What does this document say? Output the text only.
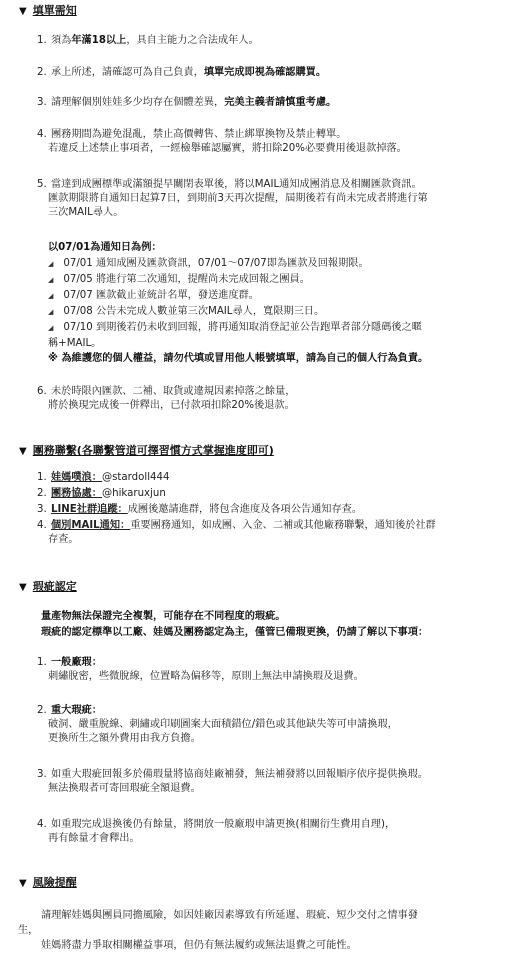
▼ 填單需知
1. 須為年滿18以上，具自主能力之合法成年人。
2. 承上所述，請確認可為自己負責，填單完成即視為確認購買。
3. 請理解個別娃娃多少均存在個體差異，完美主義者請慎重考慮。
4. 團務期間為避免混亂，禁止高價轉售、禁止綁單換物及禁止轉單。
若違反上述禁止事項者，一經檢舉確認屬實，將扣除20%必要費用後退款掉落。
5. 當達到成團標準或滿額提早關閉表單後，將以MAIL通知成團消息及相關匯款資訊。
匯款期限將自通知日起算7日，到期前3天再次提醒，屆期後若有尚未完成者將進行第
三次MAIL尋人。
以07/01為通知日為例：
◢ 07/01 通知成團及匯款資訊，07/01～07/07即為匯款及回報期限。
◢ 07/05 將進行第二次通知，提醒尚未完成回報之團員。
◢ 07/07 匯款截止並統計名單，發送進度群。
◢ 07/08 公告未完成人數並第三次MAIL尋人，寬限期三日。
◢ 07/10 到期後若仍未收到回報，將再通知取消登記並公告跑單者部分隱碼後之暱
稱+MAIL。
※ 為維護您的個人權益，請勿代填或冒用他人帳號填單，請為自己的個人行為負責。
6. 未於時限內匯款、二補、取貨或違規因素掉落之餘量，
將於換現完成後一併釋出，已付款項扣除20%後退款。
▼ 團務聯繫(各聯繫管道可擇習慣方式掌握進度即可)
1. 娃媽噗浪：@stardoll444
2. 團務協處：@hikaruxjun
3. LINE社群追蹤：成團後邀請進群，將包含進度及各項公告通知存查。
4. 個別MAIL通知：重要團務通知，如成團、入金、二補或其他廠務聯繫，通知後於社群
存查。
▼ 瑕疵認定
量產物無法保證完全複製，可能存在不同程度的瑕疵。
瑕疵的認定標準以工廠、娃媽及團務認定為主，僅管已備瑕更換，仍請了解以下事項：
1. 一般廠瑕：
刺繡脫密，些微脫線，位置略為偏移等，原則上無法申請換瑕及退費。
2. 重大瑕疵：
破洞、嚴重脫線、刺繡或印刷圖案大面積錯位/錯色或其他缺失等可申請換瑕，
更換所生之額外費用由我方負擔。
3. 如重大瑕疵回報多於備瑕量將協商娃廠補發，無法補發將以回報順序依序提供換瑕。
無法換瑕者可寄回瑕疵全額退費。
4. 如重瑕完成退換後仍有餘量，將開放一般廠瑕申請更換(相關衍生費用自理)，
再有餘量才會釋出。
▼ 風險提醒
請理解娃媽與團員同擔風險，如因娃廠因素導致有所延遲、瑕疵、短少交付之情事發
生，
娃媽將盡力爭取相關權益事項，但仍有無法履約或無法退費之可能性。
